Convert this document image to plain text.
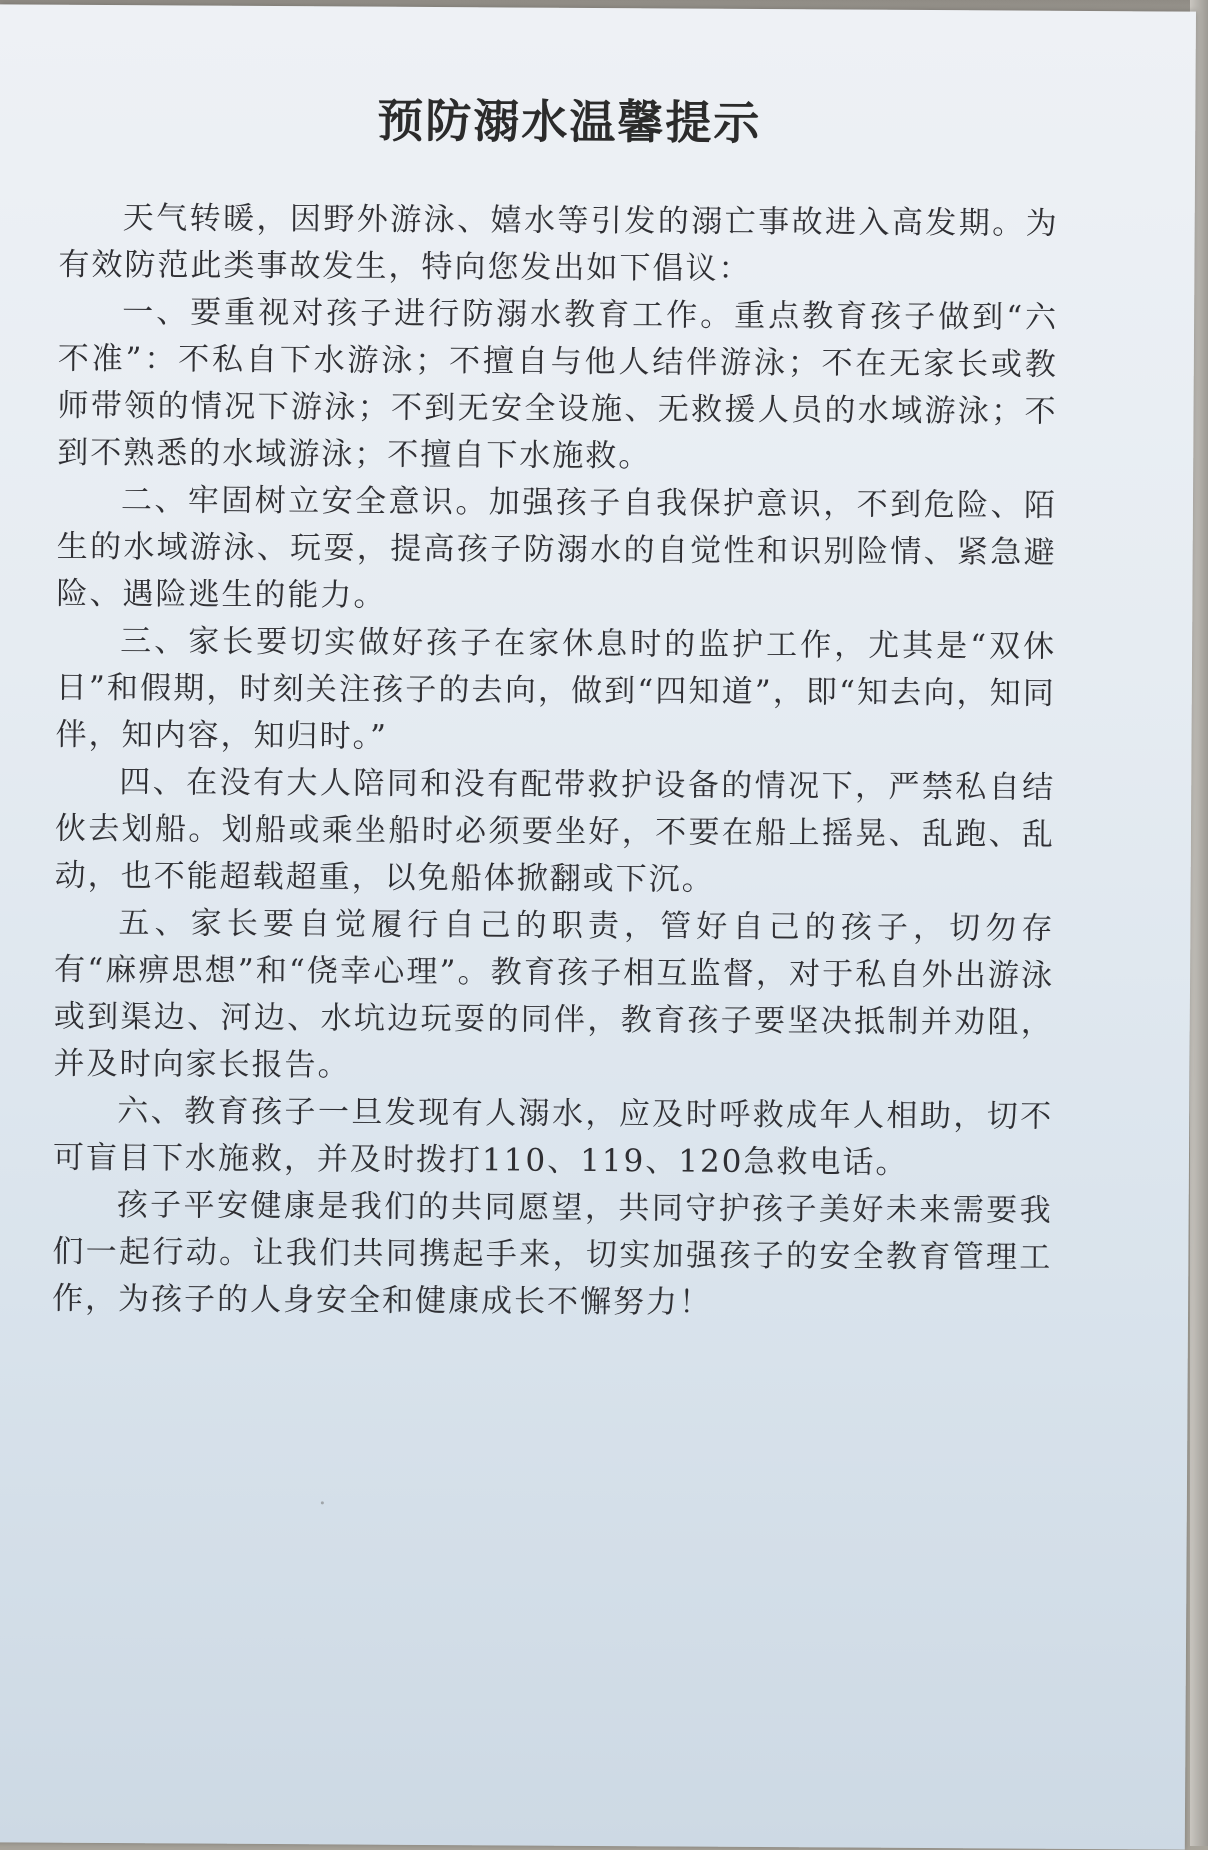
预防溺水温馨提示

天气转暖，因野外游泳、嬉水等引发的溺亡事故进入高发期。为有效防范此类事故发生，特向您发出如下倡议：

一、要重视对孩子进行防溺水教育工作。重点教育孩子做到“六不准”：不私自下水游泳；不擅自与他人结伴游泳；不在无家长或教师带领的情况下游泳；不到无安全设施、无救援人员的水域游泳；不到不熟悉的水域游泳；不擅自下水施救。

二、牢固树立安全意识。加强孩子自我保护意识，不到危险、陌生的水域游泳、玩耍，提高孩子防溺水的自觉性和识别险情、紧急避险、遇险逃生的能力。

三、家长要切实做好孩子在家休息时的监护工作，尤其是“双休日”和假期，时刻关注孩子的去向，做到“四知道”，即“知去向，知同伴，知内容，知归时。”

四、在没有大人陪同和没有配带救护设备的情况下，严禁私自结伙去划船。划船或乘坐船时必须要坐好，不要在船上摇晃、乱跑、乱动，也不能超载超重，以免船体掀翻或下沉。

五、家长要自觉履行自己的职责，管好自己的孩子，切勿存有“麻痹思想”和“侥幸心理”。教育孩子相互监督，对于私自外出游泳或到渠边、河边、水坑边玩耍的同伴，教育孩子要坚决抵制并劝阻，并及时向家长报告。

六、教育孩子一旦发现有人溺水，应及时呼救成年人相助，切不可盲目下水施救，并及时拨打110、119、120急救电话。

孩子平安健康是我们的共同愿望，共同守护孩子美好未来需要我们一起行动。让我们共同携起手来，切实加强孩子的安全教育管理工作，为孩子的人身安全和健康成长不懈努力！
